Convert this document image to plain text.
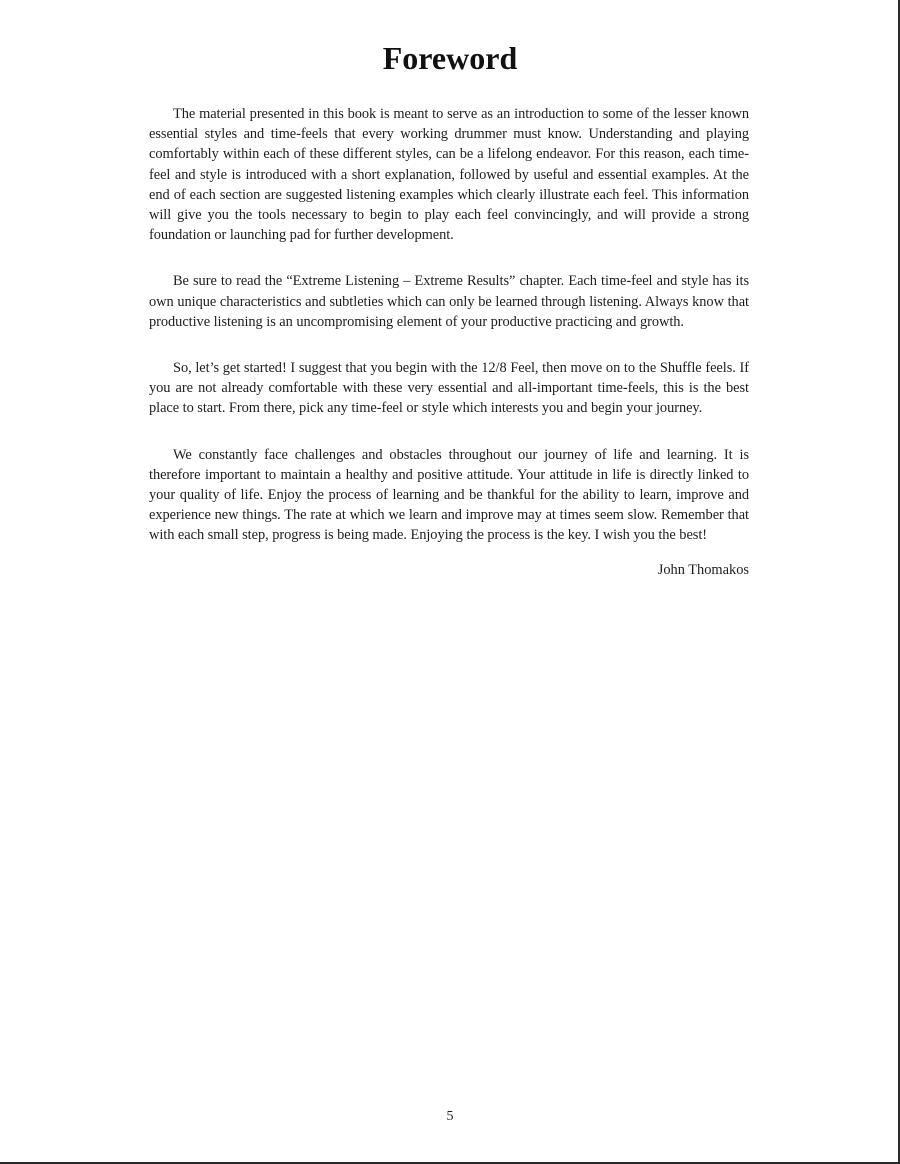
Foreword

The material presented in this book is meant to serve as an introduction to some of the lesser known essential styles and time-feels that every working drummer must know. Understanding and playing comfortably within each of these different styles, can be a lifelong endeavor. For this reason, each time-feel and style is introduced with a short explanation, followed by useful and essential examples. At the end of each section are suggested listening examples which clearly illustrate each feel. This information will give you the tools necessary to begin to play each feel convincingly, and will provide a strong foundation or launching pad for further development.

Be sure to read the “Extreme Listening – Extreme Results” chapter. Each time-feel and style has its own unique characteristics and subtleties which can only be learned through listening. Always know that productive listening is an uncompromising element of your productive practicing and growth.

So, let’s get started! I suggest that you begin with the 12/8 Feel, then move on to the Shuffle feels. If you are not already comfortable with these very essential and all-important time-feels, this is the best place to start. From there, pick any time-feel or style which interests you and begin your journey.

We constantly face challenges and obstacles throughout our journey of life and learning. It is therefore important to maintain a healthy and positive attitude. Your attitude in life is directly linked to your quality of life. Enjoy the process of learning and be thankful for the ability to learn, improve and experience new things. The rate at which we learn and improve may at times seem slow. Remember that with each small step, progress is being made. Enjoying the process is the key. I wish you the best!

John Thomakos
5
